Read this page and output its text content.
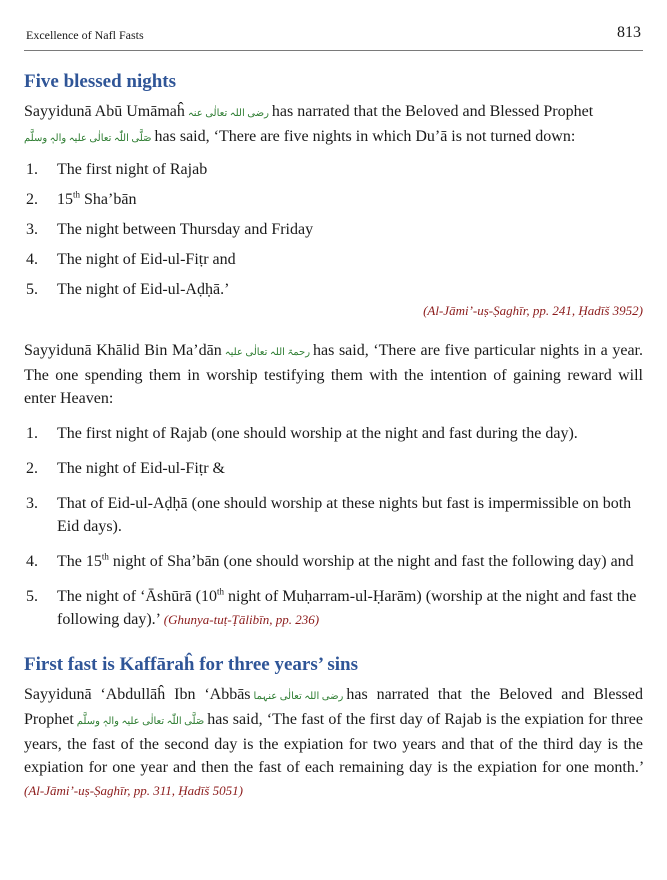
Excellence of Nafl Fasts	813
Five blessed nights

Sayyidunā Abū Umāmaĥ رضی اللہ تعالٰی عنہ has narrated that the Beloved and Blessed Prophet
صَلَّی اللّٰہ تعالٰی علیہ والہٖ وسلَّم has said, ‘There are five nights in which Du’ā is not turned down:

1. The first night of Rajab
2. 15th Sha’bān
3. The night between Thursday and Friday
4. The night of Eid-ul-Fiṭr and
5. The night of Eid-ul-Aḍḥā.’
(Al-Jāmi’-uṣ-Ṣaghīr, pp. 241, Ḥadīš 3952)

Sayyidunā Khālid Bin Ma’dān رحمۃ اللہ تعالٰی علیہ has said, ‘There are five particular nights in a year. The one spending them in worship testifying them with the intention of gaining reward will enter Heaven:

1. The first night of Rajab (one should worship at the night and fast during the day).
2. The night of Eid-ul-Fiṭr &
3. That of Eid-ul-Aḍḥā (one should worship at these nights but fast is impermissible on both Eid days).
4. The 15th night of Sha’bān (one should worship at the night and fast the following day) and
5. The night of ‘Āshūrā (10th night of Muḥarram-ul-Ḥarām) (worship at the night and fast the following day).’ (Ghunya-tuṭ-Ṭālibīn, pp. 236)
First fast is Kaffāraĥ for three years’ sins

Sayyidunā ‘Abdullāĥ Ibn ‘Abbās رضی اللہ تعالٰی عنہما has narrated that the Beloved and Blessed Prophet صَلَّی اللّٰہ تعالٰی علیہ والہٖ وسلَّم has said, ‘The fast of the first day of Rajab is the expiation for three years, the fast of the second day is the expiation for two years and that of the third day is the expiation for one year and then the fast of each remaining day is the expiation for one month.’ (Al-Jāmi’-uṣ-Ṣaghīr, pp. 311, Ḥadīš 5051)
